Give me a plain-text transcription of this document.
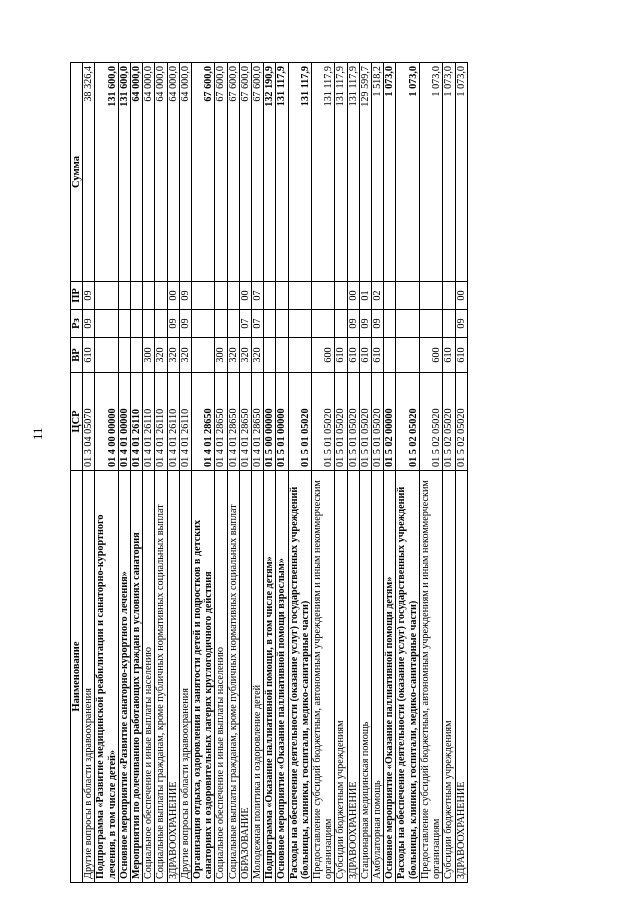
11
Наименование	ЦСР	ВР	Рз	ПР	Сумма
Другие вопросы в области здравоохранения	01 3 04 05070	610	09	09	38 326,4
Подпрограмма «Развитие медицинской реабилитации и санаторно-курортного лечения, в том числе детей»	01 4 00 00000				131 600,0
Основное мероприятие «Развитие санаторно-курортного лечения»	01 4 01 00000				131 600,0
Мероприятия по долечиванию работающих граждан в условиях санатория	01 4 01 26110				64 000,0
Социальное обеспечение и иные выплаты населению	01 4 01 26110	300			64 000,0
Социальные выплаты гражданам, кроме публичных нормативных социальных выплат	01 4 01 26110	320			64 000,0
ЗДРАВООХРАНЕНИЕ	01 4 01 26110	320	09	00	64 000,0
Другие вопросы в области здравоохранения	01 4 01 26110	320	09	09	64 000,0
Организация отдыха, оздоровления и занятости детей и подростков в детских санаториях и оздоровительных лагерях круглогодичного действия	01 4 01 28650				67 600,0
Социальное обеспечение и иные выплаты населению	01 4 01 28650	300			67 600,0
Социальные выплаты гражданам, кроме публичных нормативных социальных выплат	01 4 01 28650	320			67 600,0
ОБРАЗОВАНИЕ	01 4 01 28650	320	07	00	67 600,0
Молодежная политика и оздоровление детей	01 4 01 28650	320	07	07	67 600,0
Подпрограмма «Оказание паллиативной помощи, в том числе детям»	01 5 00 00000				132 190,9
Основное мероприятие «Оказание паллиативной помощи взрослым»	01 5 01 00000				131 117,9
Расходы на обеспечение деятельности (оказание услуг) государственных учреждений (больницы, клиники, госпитали, медико-санитарные части)	01 5 01 05020				131 117,9
Предоставление субсидий бюджетным, автономным учреждениям и иным некоммерческим организациям	01 5 01 05020	600			131 117,9
Субсидии бюджетным учреждениям	01 5 01 05020	610			131 117,9
ЗДРАВООХРАНЕНИЕ	01 5 01 05020	610	09	00	131 117,9
Стационарная медицинская помощь	01 5 01 05020	610	09	01	129 599,7
Амбулаторная помощь	01 5 01 05020	610	09	02	1 518,2
Основное мероприятие «Оказание паллиативной помощи детям»	01 5 02 00000				1 073,0
Расходы на обеспечение деятельности (оказание услуг) государственных учреждений (больницы, клиники, госпитали, медико-санитарные части)	01 5 02 05020				1 073,0
Предоставление субсидий бюджетным, автономным учреждениям и иным некоммерческим организациям	01 5 02 05020	600			1 073,0
Субсидии бюджетным учреждениям	01 5 02 05020	610			1 073,0
ЗДРАВООХРАНЕНИЕ	01 5 02 05020	610	09	00	1 073,0
